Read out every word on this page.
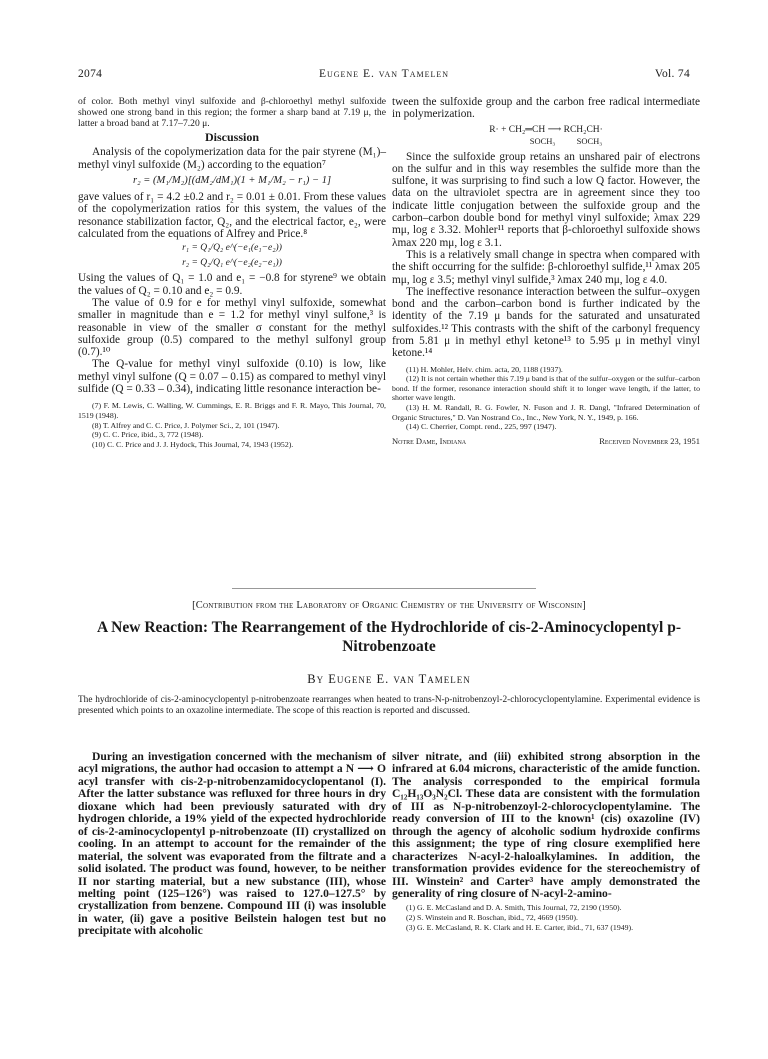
2074	Eugene E. van Tamelen	Vol. 74

of color. Both methyl vinyl sulfoxide and β-chloroethyl methyl sulfoxide showed one strong band in this region; the former a sharp band at 7.19 μ, the latter a broad band at 7.17–7.20 μ.

Discussion

Analysis of the copolymerization data for the pair styrene (M₁)–methyl vinyl sulfoxide (M₂) according to the equation⁷

r₂ = (M₁/M₂)[(dM₂/dM₁)(1 + M₁/M₂ − r₁) − 1]

gave values of r₁ = 4.2 ±0.2 and r₂ = 0.01 ± 0.01. From these values of the copolymerization ratios for this system, the values of the resonance stabilization factor, Q₂, and the electrical factor, e₂, were calculated from the equations of Alfrey and Price.⁸

r₁ = Q₁/Q₂ e^(−e₁(e₁−e₂))
r₂ = Q₂/Q₁ e^(−e₂(e₂−e₁))

Using the values of Q₁ = 1.0 and e₁ = −0.8 for styrene⁹ we obtain the values of Q₂ = 0.10 and e₂ = 0.9.

The value of 0.9 for e for methyl vinyl sulfoxide, somewhat smaller in magnitude than e = 1.2 for methyl vinyl sulfone,³ is reasonable in view of the smaller σ constant for the methyl sulfoxide group (0.5) compared to the methyl sulfonyl group (0.7).¹⁰

The Q-value for methyl vinyl sulfoxide (0.10) is low, like methyl vinyl sulfone (Q = 0.07 – 0.15) as compared to methyl vinyl sulfide (Q = 0.33 – 0.34), indicating little resonance interaction be-

(7) F. M. Lewis, C. Walling, W. Cummings, E. R. Briggs and F. R. Mayo, This Journal, 70, 1519 (1948).

(8) T. Alfrey and C. C. Price, J. Polymer Sci., 2, 101 (1947).

(9) C. C. Price, ibid., 3, 772 (1948).

(10) C. C. Price and J. J. Hydock, This Journal, 74, 1943 (1952).

tween the sulfoxide group and the carbon free radical intermediate in polymerization.

R· + CH₂═CH ⟶ RCH₂CH·
SOCH₃          SOCH₃

Since the sulfoxide group retains an unshared pair of electrons on the sulfur and in this way resembles the sulfide more than the sulfone, it was surprising to find such a low Q factor. However, the data on the ultraviolet spectra are in agreement since they too indicate little conjugation between the sulfoxide group and the carbon–carbon double bond for methyl vinyl sulfoxide; λmax 229 mμ, log ε 3.32. Mohler¹¹ reports that β-chloroethyl sulfoxide shows λmax 220 mμ, log ε 3.1.

This is a relatively small change in spectra when compared with the shift occurring for the sulfide: β-chloroethyl sulfide,¹¹ λmax 205 mμ, log ε 3.5; methyl vinyl sulfide,³ λmax 240 mμ, log ε 4.0.

The ineffective resonance interaction between the sulfur–oxygen bond and the carbon–carbon bond is further indicated by the identity of the 7.19 μ bands for the saturated and unsaturated sulfoxides.¹² This contrasts with the shift of the carbonyl frequency from 5.81 μ in methyl ethyl ketone¹³ to 5.95 μ in methyl vinyl ketone.¹⁴

(11) H. Mohler, Helv. chim. acta, 20, 1188 (1937).

(12) It is not certain whether this 7.19 μ band is that of the sulfur–oxygen or the sulfur–carbon bond. If the former, resonance interaction should shift it to longer wave length, if the latter, to shorter wave length.

(13) H. M. Randall, R. G. Fowler, N. Fuson and J. R. Dangl, "Infrared Determination of Organic Structures," D. Van Nostrand Co., Inc., New York, N. Y., 1949, p. 166.

(14) C. Cherrier, Compt. rend., 225, 997 (1947).

Notre Dame, Indiana	Received November 23, 1951
[Contribution from the Laboratory of Organic Chemistry of the University of Wisconsin]
A New Reaction: The Rearrangement of the Hydrochloride of cis-2-Aminocyclopentyl p-Nitrobenzoate
By Eugene E. van Tamelen
The hydrochloride of cis-2-aminocyclopentyl p-nitrobenzoate rearranges when heated to trans-N-p-nitrobenzoyl-2-chlorocyclopentylamine. Experimental evidence is presented which points to an oxazoline intermediate. The scope of this reaction is reported and discussed.

During an investigation concerned with the mechanism of acyl migrations, the author had occasion to attempt a N ⟶ O acyl transfer with cis-2-p-nitrobenzamidocyclopentanol (I). After the latter substance was refluxed for three hours in dry dioxane which had been previously saturated with dry hydrogen chloride, a 19% yield of the expected hydrochloride of cis-2-aminocyclopentyl p-nitrobenzoate (II) crystallized on cooling. In an attempt to account for the remainder of the material, the solvent was evaporated from the filtrate and a solid isolated. The product was found, however, to be neither II nor starting material, but a new substance (III), whose melting point (125–126°) was raised to 127.0–127.5° by crystallization from benzene. Compound III (i) was insoluble in water, (ii) gave a positive Beilstein halogen test but no precipitate with alcoholic

silver nitrate, and (iii) exhibited strong absorption in the infrared at 6.04 microns, characteristic of the amide function. The analysis corresponded to the empirical formula C₁₂H₁₃O₃N₂Cl. These data are consistent with the formulation of III as N-p-nitrobenzoyl-2-chlorocyclopentylamine. The ready conversion of III to the known¹ (cis) oxazoline (IV) through the agency of alcoholic sodium hydroxide confirms this assignment; the type of ring closure exemplified here characterizes N-acyl-2-haloalkylamines. In addition, the transformation provides evidence for the stereochemistry of III. Winstein² and Carter³ have amply demonstrated the generality of ring closure of N-acyl-2-amino-

(1) G. E. McCasland and D. A. Smith, This Journal, 72, 2190 (1950).

(2) S. Winstein and R. Boschan, ibid., 72, 4669 (1950).

(3) G. E. McCasland, R. K. Clark and H. E. Carter, ibid., 71, 637 (1949).
